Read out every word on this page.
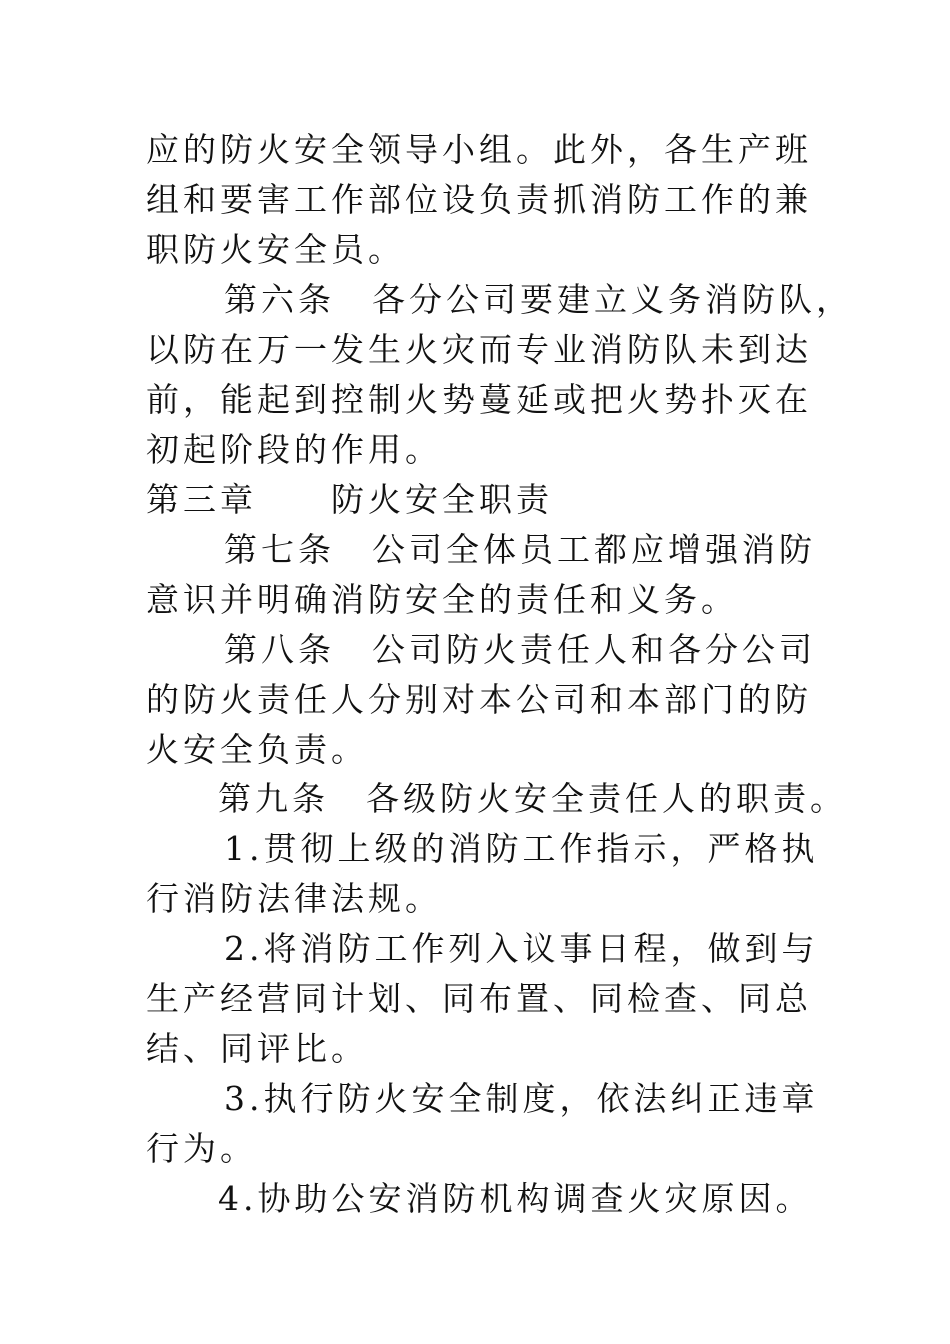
应的防火安全领导小组。此外，各生产班
组和要害工作部位设负责抓消防工作的兼
职防火安全员。
第六条　各分公司要建立义务消防队，
以防在万一发生火灾而专业消防队未到达
前，能起到控制火势蔓延或把火势扑灭在
初起阶段的作用。
第三章　　防火安全职责
第七条　公司全体员工都应增强消防
意识并明确消防安全的责任和义务。
第八条　公司防火责任人和各分公司
的防火责任人分别对本公司和本部门的防
火安全负责。
第九条　各级防火安全责任人的职责。
1.贯彻上级的消防工作指示，严格执
行消防法律法规。
2.将消防工作列入议事日程，做到与
生产经营同计划、同布置、同检查、同总
结、同评比。
3.执行防火安全制度，依法纠正违章
行为。
4.协助公安消防机构调查火灾原因。
